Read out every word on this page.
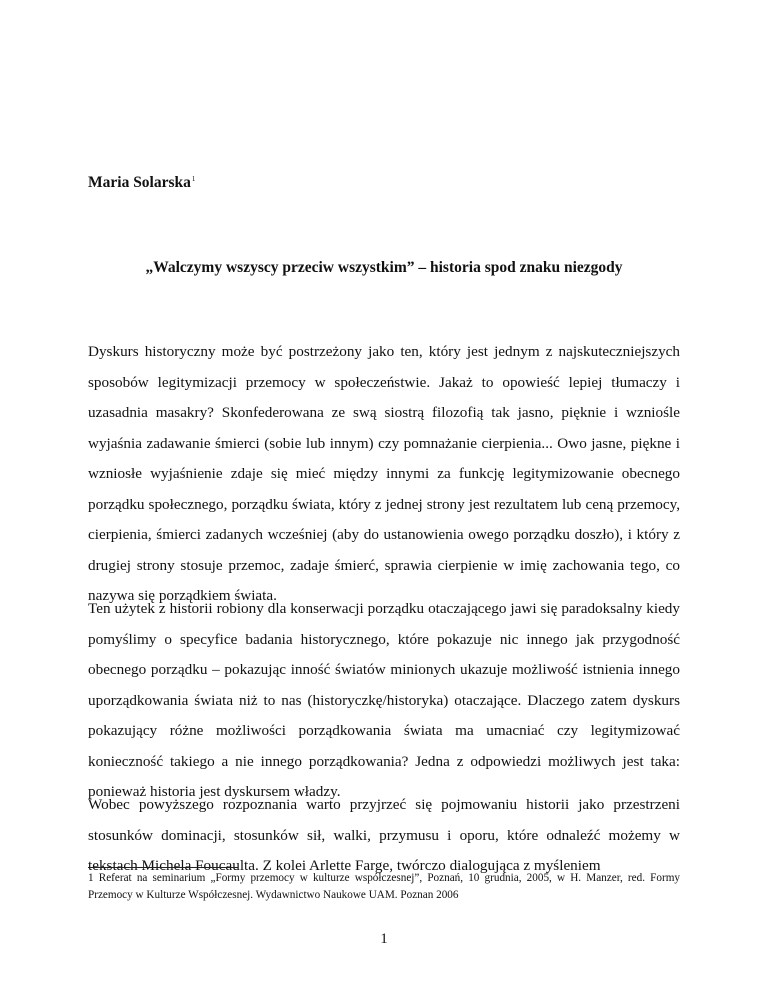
Maria Solarska$^1$

„Walczymy wszyscy przeciw wszystkim” – historia spod znaku niezgody

Dyskurs historyczny może być postrzeżony jako ten, który jest jednym z najskuteczniejszych sposobów legitymizacji przemocy w społeczeństwie. Jakaż to opowieść lepiej tłumaczy i uzasadnia masakry? Skonfederowana ze swą siostrą filozofią tak jasno, pięknie i wzniośle wyjaśnia zadawanie śmierci (sobie lub innym) czy pomnażanie cierpienia... Owo jasne, piękne i wzniosłe wyjaśnienie zdaje się mieć między innymi za funkcję legitymizowanie obecnego porządku społecznego, porządku świata, który z jednej strony jest rezultatem lub ceną przemocy, cierpienia, śmierci zadanych wcześniej (aby do ustanowienia owego porządku doszło), i który z drugiej strony stosuje przemoc, zadaje śmierć, sprawia cierpienie w imię zachowania tego, co nazywa się porządkiem świata.

Ten użytek z historii robiony dla konserwacji porządku otaczającego jawi się paradoksalny kiedy pomyślimy o specyfice badania historycznego, które pokazuje nic innego jak przygodność obecnego porządku – pokazując inność światów minionych ukazuje możliwość istnienia innego uporządkowania świata niż to nas (historyczkę/historyka) otaczające. Dlaczego zatem dyskurs pokazujący różne możliwości porządkowania świata ma umacniać czy legitymizować konieczność takiego a nie innego porządkowania? Jedna z odpowiedzi możliwych jest taka: ponieważ historia jest dyskursem władzy.

Wobec powyższego rozpoznania warto przyjrzeć się pojmowaniu historii jako przestrzeni stosunków dominacji, stosunków sił, walki, przymusu i oporu, które odnaleźć możemy w tekstach Michela Foucaulta. Z kolei Arlette Farge, twórczo dialogująca z myśleniem

1 Referat na seminarium „Formy przemocy w kulturze współczesnej”, Poznań, 10 grudnia, 2005, w H. Manzer, red. Formy Przemocy w Kulturze Współczesnej. Wydawnictwo Naukowe UAM. Poznan 2006

1
